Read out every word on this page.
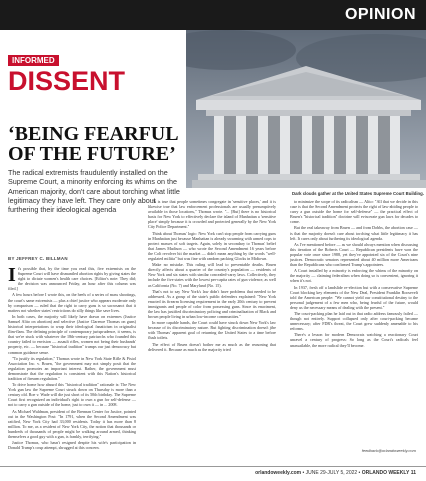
OPINION
INFORMED
DISSENT
Dark clouds gather at the United States Supreme Court Building.
‘BEING FEARFUL OF THE FUTURE’
The radical extremists fraudulently installed on the Supreme Court, a minority enforcing its whims on the American majority, don't care about torching what little legitimacy they have left. They care only about furthering their ideological agenda
BY JEFFREY C. BILLMAN

It's possible that, by the time you read this, five extremists on the Supreme Court will have dismantled abortion rights by giving states the right to dictate women's health care choices. [Editor's note: They did; the decision was announced Friday, an hour after this column was filed.]

A few hours before I wrote this, on the heels of a series of mass shootings, the court's same extremists — plus a chief justice who appears moderate only by comparison — ruled that the right to carry guns is so sacrosanct that it matters not whether states' restrictions do silly things like save lives.

In both cases, the majority will likely have drawn on extremes (Justice Samuel Alito on abortion) and selective (Justice Clarence Thomas on guns) historical interpretations to wrap their ideological fanaticism in originalist flim-flam. The defining principle of contemporary jurisprudence, it seems, is that we're stuck with whatever the 18th-century patriarchs who founded this country failed to envision — assault rifles, women not being their husbands' property, etc. — because "historical tradition" trumps our just democracy but common guidance sense.

"To justify its regulation," Thomas wrote in New York State Rifle & Pistol Association Inc. v. Bruen, "the government may not simply posit that the regulation promotes an important interest. Rather, the government must demonstrate that the regulation is consistent with this Nation's historical tradition of firearm regulation."

To drive home how absurd this "historical tradition" rationale is: The New York gun law the Supreme Court struck down on Thursday is more than a century old. Roe v. Wade will die just short of its 50th birthday. The Supreme Court first recognized an individual's right to own a gun for self-defense — not to carry a gun outside of the home, just to own it — in ... 2008.

As Michael Waldman, president of the Brennan Center for Justice, pointed out in the Washington Post: "In 1791, when the Second Amendment was ratified, New York City had 33,000 residents. Today it has more than 8 million. To me, as a resident of New York City, the notion that thousands or hundreds of thousands of people might be walking around armed, thinking themselves a good guy with a gun, is frankly, terrifying."

Justice Thomas, who hasn't resigned despite his wife's participation in Donald Trump's coup attempt, shrugged at this concern.

"It is true that people sometimes congregate in 'sensitive places,' and it is likewise true that law enforcement professionals are usually presumptively available in those locations," Thomas wrote. "... [But] there is no historical basis for New York to effectively declare the island of Manhattan a 'sensitive place' simply because it is crowded and protected generally by the New York City Police Department."

Think about Thomas' logic: New York can't stop people from carrying guns in Manhattan just because Manhattan is already swarming with armed cops to protect masses of soft targets. Again, solely in secondary to Thomas' belief that James Madison — who wrote the Second Amendment 16 years before the Colt revolver hit the market — didn't mean anything by the words "well-regulated militia" but was fine with random packing Glocks in Midtown.

Make no mistake. This ruling will lead to preventable deaths. Bruen directly affects about a quarter of the country's population — residents of New York and six states with similar concealed-carry laws. Collectively, they include the five states with the lowest per-capita rates of gun violence, as well as California (No. 7) and Maryland (No. 15).

That's not to say New York's law didn't have problems that needed to be addressed. As a group of the state's public defenders explained: "New York enacted its firearm licensing requirement in the early 20th century to prevent immigrants and people of color from possessing guns. Since its enactment, the law has justified discriminatory policing and criminalization of Black and brown people living in urban low-income communities."

In more capable hands, the Court could have struck down New York's law because of its discriminatory nature. But fighting discrimination doesn't jibe with Thomas' apparent goal of returning the United States to a time before flush toilets.

The effect of Bruen doesn't bother me as much as the reasoning that delivered it. Because as much as the majority tried

to minimize the scope of its radicalism — Alito: "All that we decide in this case is that the Second Amendment protects the right of law-abiding people to carry a gun outside the home for self-defense" — the practical effect of Bruen's "historical tradition" doctrine will eviscerate gun laws for decades to come.

But the real takeaway from Bruen — and from Dobbs, the abortion case — is that the majority doesn't care about torching what little legitimacy it has left. It cares only about furthering its ideological agenda.

As I've mentioned before — as we should always mention when discussing this iteration of the Roberts Court — Republican presidents have won the popular vote once since 1988, yet they've appointed six of the Court's nine justices. Democratic senators represented about 40 million more Americans than the Republicans who confirmed Trump's appointees.

A Court installed by a minority is enforcing the whims of the minority on the majority — claiming federalism when doing so is convenient, ignoring it when it's not.

In 1937, fresh off a landslide re-election but with a conservative Supreme Court blocking key elements of the New Deal, President Franklin Roosevelt told the American people: "We cannot yield our constitutional destiny to the personal judgement of a few men who, being fearful of the future, would deny us the necessary means of dealing with the present."

The court-packing plan he laid out in that radio address famously failed — though not entirely. Support collapsed only after court-packing became unnecessary; after FDR's threat, the Court grew suddenly amenable to his reforms.

There's a lesson for modern Democrats watching a reactionary Court unravel a century of progress: So long as the Court's radicals feel unassailable, the more radical they'll become.

feedback@orlandoweekly.com
orlandoweekly.com • JUNE 29-JULY 5, 2022 • ORLANDO WEEKLY 11
